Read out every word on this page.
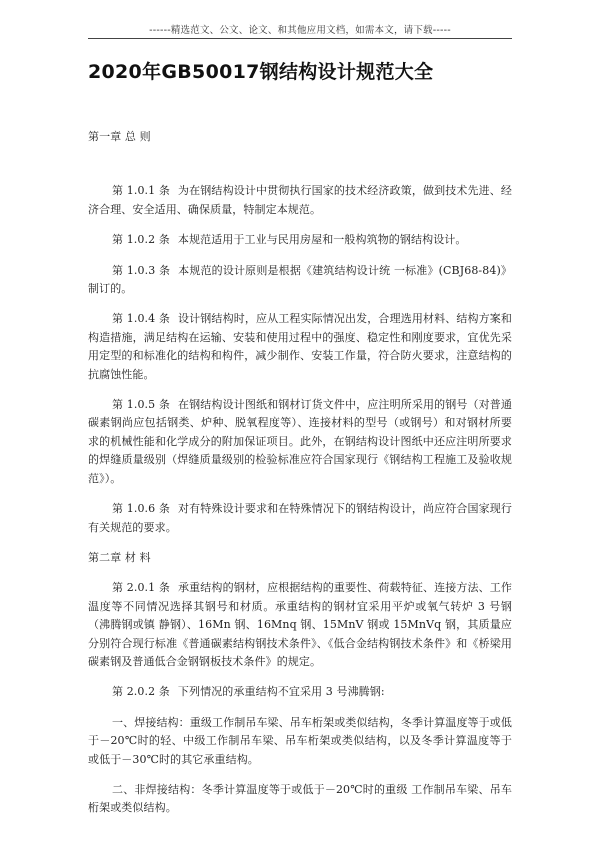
------精选范文、公文、论文、和其他应用文档，如需本文，请下载-----
2020年GB50017钢结构设计规范大全

第一章 总 则

第 1.0.1 条 为在钢结构设计中贯彻执行国家的技术经济政策，做到技术先进、经济合理、安全适用、确保质量，特制定本规范。

第 1.0.2 条 本规范适用于工业与民用房屋和一般构筑物的钢结构设计。

第 1.0.3 条 本规范的设计原则是根据《建筑结构设计统 一标准》(CBJ68-84)》制订的。

第 1.0.4 条 设计钢结构时，应从工程实际情况出发，合理选用材料、结构方案和构造措施，满足结构在运输、安装和使用过程中的强度、稳定性和刚度要求，宜优先采用定型的和标准化的结构和构件，减少制作、安装工作量，符合防火要求，注意结构的抗腐蚀性能。

第 1.0.5 条 在钢结构设计图纸和钢材订货文件中，应注明所采用的钢号（对普通碳素钢尚应包括钢类、炉种、脱氧程度等）、连接材料的型号（或钢号）和对钢材所要求的机械性能和化学成分的附加保证项目。此外，在钢结构设计图纸中还应注明所要求的焊缝质量级别（焊缝质量级别的检验标准应符合国家现行《钢结构工程施工及验收规范》）。

第 1.0.6 条 对有特殊设计要求和在特殊情况下的钢结构设计，尚应符合国家现行有关规范的要求。

第二章 材 料

第 2.0.1 条 承重结构的钢材，应根据结构的重要性、荷载特征、连接方法、工作温度等不同情况选择其钢号和材质。承重结构的钢材宜采用平炉或氧气转炉 3 号钢（沸腾钢或镇 静钢）、16Mn 钢、16Mnq 钢、15MnV 钢或 15MnVq 钢，其质量应分别符合现行标准《普通碳素结构钢技术条件》、《低合金结构钢技术条件》和《桥梁用碳素钢及普通低合金钢钢板技术条件》的规定。

第 2.0.2 条 下列情况的承重结构不宜采用 3 号沸腾钢:

一、焊接结构：重级工作制吊车梁、吊车桁架或类似结构，冬季计算温度等于或低于－20℃时的轻、中级工作制吊车梁、吊车桁架或类似结构，以及冬季计算温度等于或低于－30℃时的其它承重结构。

二、非焊接结构：冬季计算温度等于或低于－20℃时的重级 工作制吊车梁、吊车桁架或类似结构。
